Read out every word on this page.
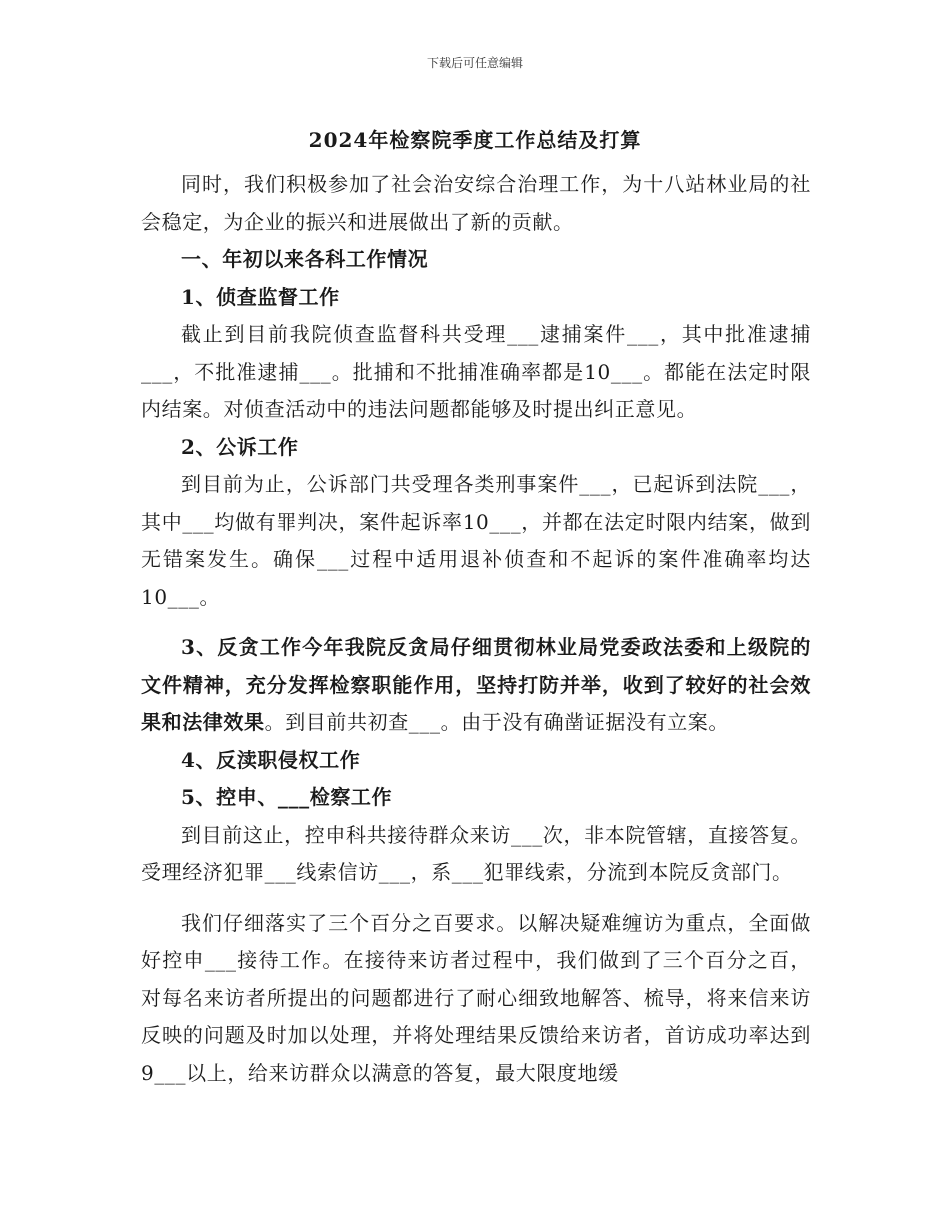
下载后可任意编辑
2024年检察院季度工作总结及打算

同时，我们积极参加了社会治安综合治理工作，为十八站林业局的社会稳定，为企业的振兴和进展做出了新的贡献。

一、年初以来各科工作情况

1、侦查监督工作

截止到目前我院侦查监督科共受理___逮捕案件___，其中批准逮捕___，不批准逮捕___。批捕和不批捕准确率都是10___。都能在法定时限内结案。对侦查活动中的违法问题都能够及时提出纠正意见。

2、公诉工作

到目前为止，公诉部门共受理各类刑事案件___，已起诉到法院___，其中___均做有罪判决，案件起诉率10___，并都在法定时限内结案，做到无错案发生。确保___过程中适用退补侦查和不起诉的案件准确率均达10___。

3、反贪工作今年我院反贪局仔细贯彻林业局党委政法委和上级院的文件精神，充分发挥检察职能作用，坚持打防并举，收到了较好的社会效果和法律效果。到目前共初查___。由于没有确凿证据没有立案。

4、反渎职侵权工作

5、控申、___检察工作

到目前这止，控申科共接待群众来访___次，非本院管辖，直接答复。受理经济犯罪___线索信访___，系___犯罪线索，分流到本院反贪部门。

我们仔细落实了三个百分之百要求。以解决疑难缠访为重点，全面做好控申___接待工作。在接待来访者过程中，我们做到了三个百分之百，对每名来访者所提出的问题都进行了耐心细致地解答、梳导，将来信来访反映的问题及时加以处理，并将处理结果反馈给来访者，首访成功率达到9___以上，给来访群众以满意的答复，最大限度地缓
